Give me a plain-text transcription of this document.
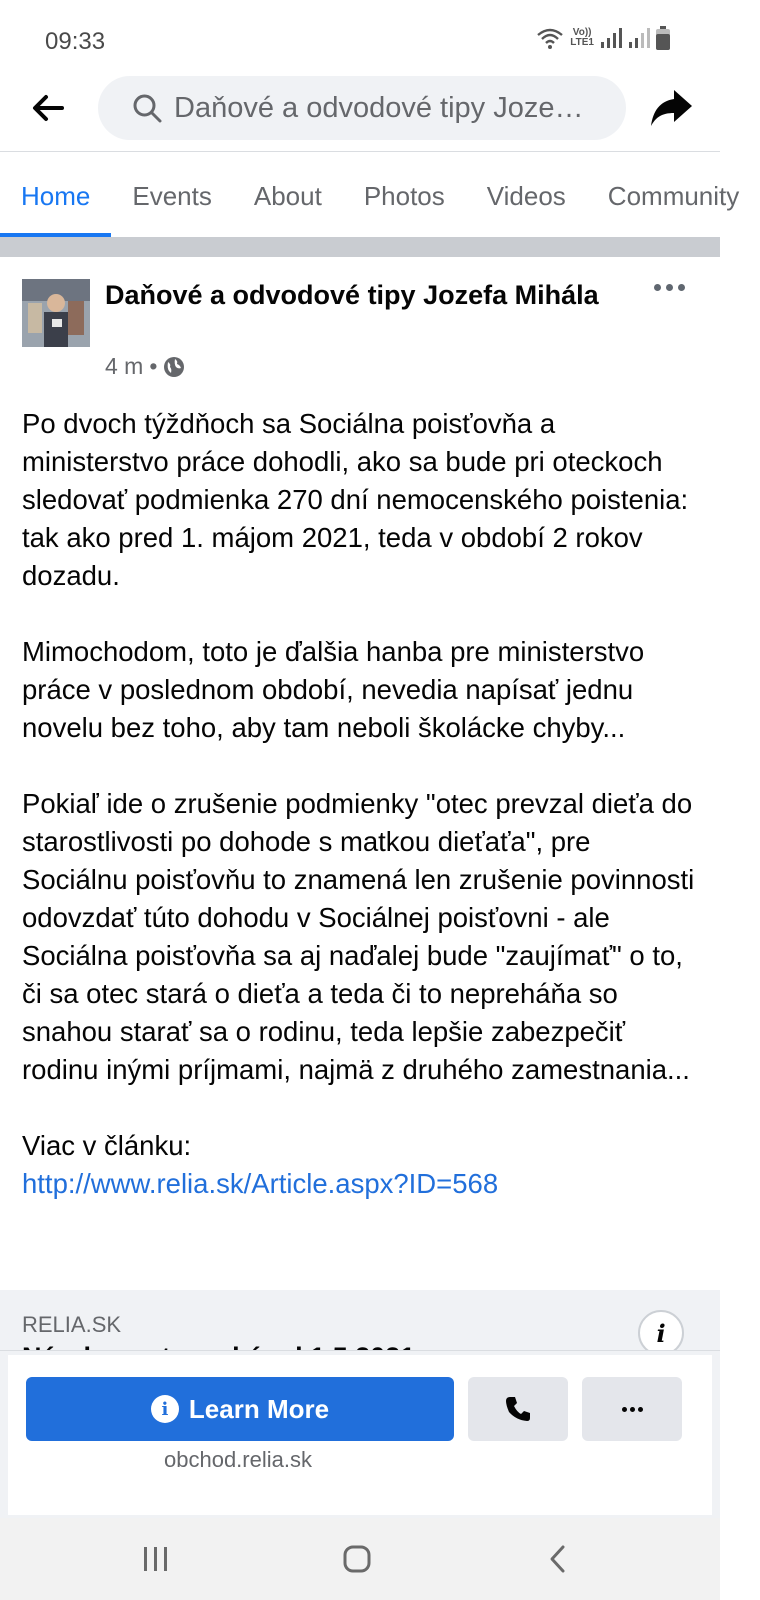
09:33	Vo))
LTE1
Daňové a odvodové tipy Joze…
Home	Events	About	Photos	Videos	Community
Daňové a odvodové tipy Jozefa Mihála
4 m •

Po dvoch týždňoch sa Sociálna poisťovňa a ministerstvo práce dohodli, ako sa bude pri oteckoch sledovať podmienka 270 dní nemocenského poistenia: tak ako pred 1. májom 2021, teda v období 2 rokov dozadu.

Mimochodom, toto je ďalšia hanba pre ministerstvo práce v poslednom období, nevedia napísať jednu novelu bez toho, aby tam neboli školácke chyby...

Pokiaľ ide o zrušenie podmienky "otec prevzal dieťa do starostlivosti po dohode s matkou dieťaťa", pre Sociálnu poisťovňu to znamená len zrušenie povinnosti odovzdať túto dohodu v Sociálnej poisťovni - ale Sociálna poisťovňa sa aj naďalej bude "zaujímať" o to, či sa otec stará o dieťa a teda či to nepreháňa so snahou starať sa o rodinu, teda lepšie zabezpečiť rodinu inými príjmami, najmä z druhého zamestnania...

Viac v článku:
http://www.relia.sk/Article.aspx?ID=568

RELIA.SK	i
i Learn More
obchod.relia.sk
